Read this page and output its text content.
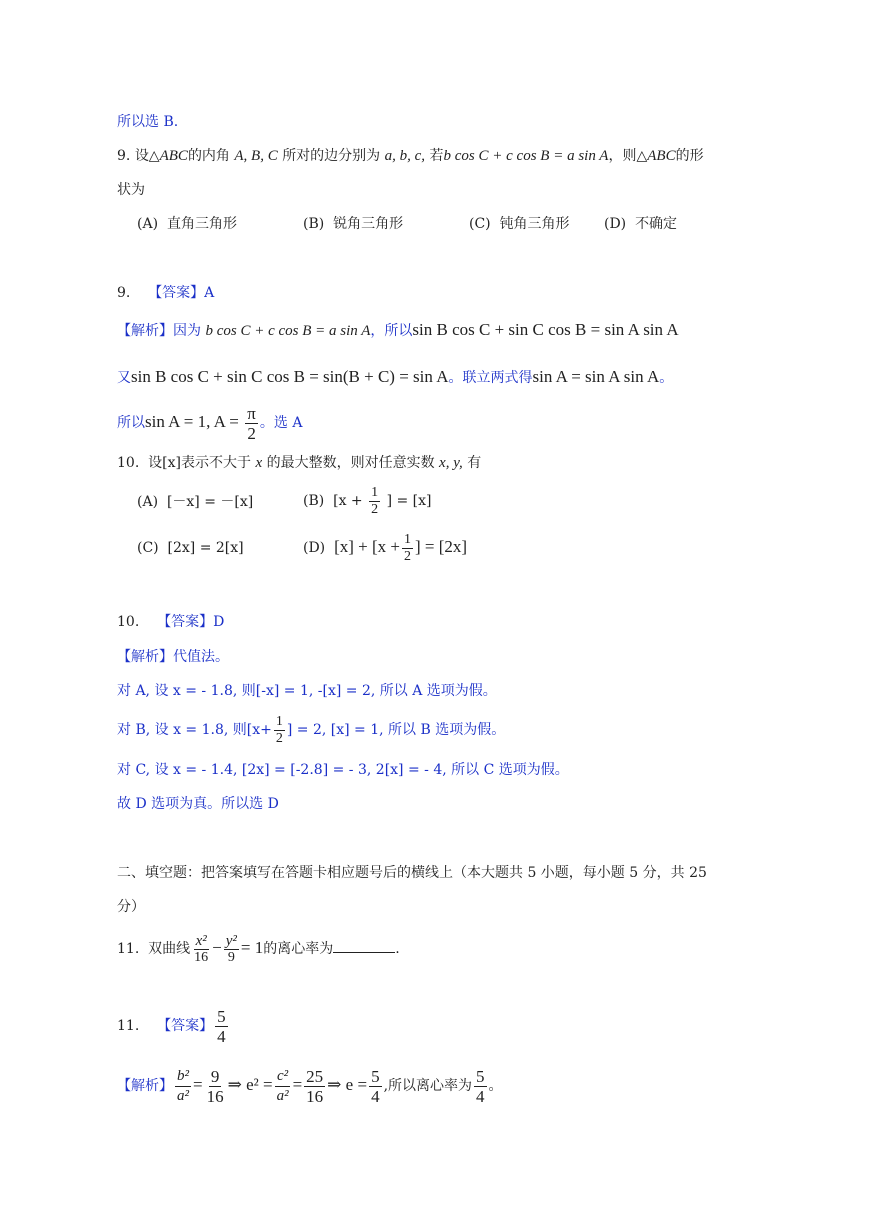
所以选 B.
9. 设△ABC的内角 A, B, C 所对的边分别为 a, b, c, 若b cos C + c cos B = a sin A，则△ABC的形
状为
(A) 直角三角形	(B) 锐角三角形	(C) 钝角三角形 (D) 不确定
9. 【答案】A
【解析】因为 b cos C + c cos B = a sin A，所以sin B cos C + sin C cos B = sin A sin A
又sin B cos C + sin C cos B = sin(B + C) = sin A。联立两式得sin A = sin A sin A。
所以sin A = 1, $A = \frac{\pi}{2}$ 。选 A
10. 设[x]表示不大于 x 的最大整数，则对任意实数 x, y, 有
(A) [－x] = －[x]	(B) [$x + \frac{1}{2}$ ] = [x]
(C) [2x] = 2[x]	(D) $[x] + [x + \frac{1}{2}$ ] = [2x]
10. 【答案】D
【解析】代值法。
对 A, 设 x = - 1.8, 则[-x] = 1, -[x] = 2, 所以 A 选项为假。
对 B, 设 x = 1.8, 则[$x+ \frac{1}{2}$ ] = 2, [x] = 1, 所以 B 选项为假。
对 C, 设 x = - 1.4, [2x] = [-2.8] = - 3, 2[x] = - 4, 所以 C 选项为假。
故 D 选项为真。所以选 D
二、填空题：把答案填写在答题卡相应题号后的横线上（本大题共 5 小题，每小题 5 分，共 25
分）
11. 双曲线 $\frac{\text{x²}}{16} - \frac{\text{y²}}{9} = 1$的离心率为	.
11. 【答案】 $\frac{5}{4}$
【解析】 $\frac{\text{b²}}{\text{a²}} = \frac{9}{16}$ ⇒ $e^2 = \frac{\text{c²}}{\text{a²}} = \frac{25}{16}$ ⇒ $e = \frac{5}{4}$ ,所以离心率为 $\frac{5}{4}$ 。
